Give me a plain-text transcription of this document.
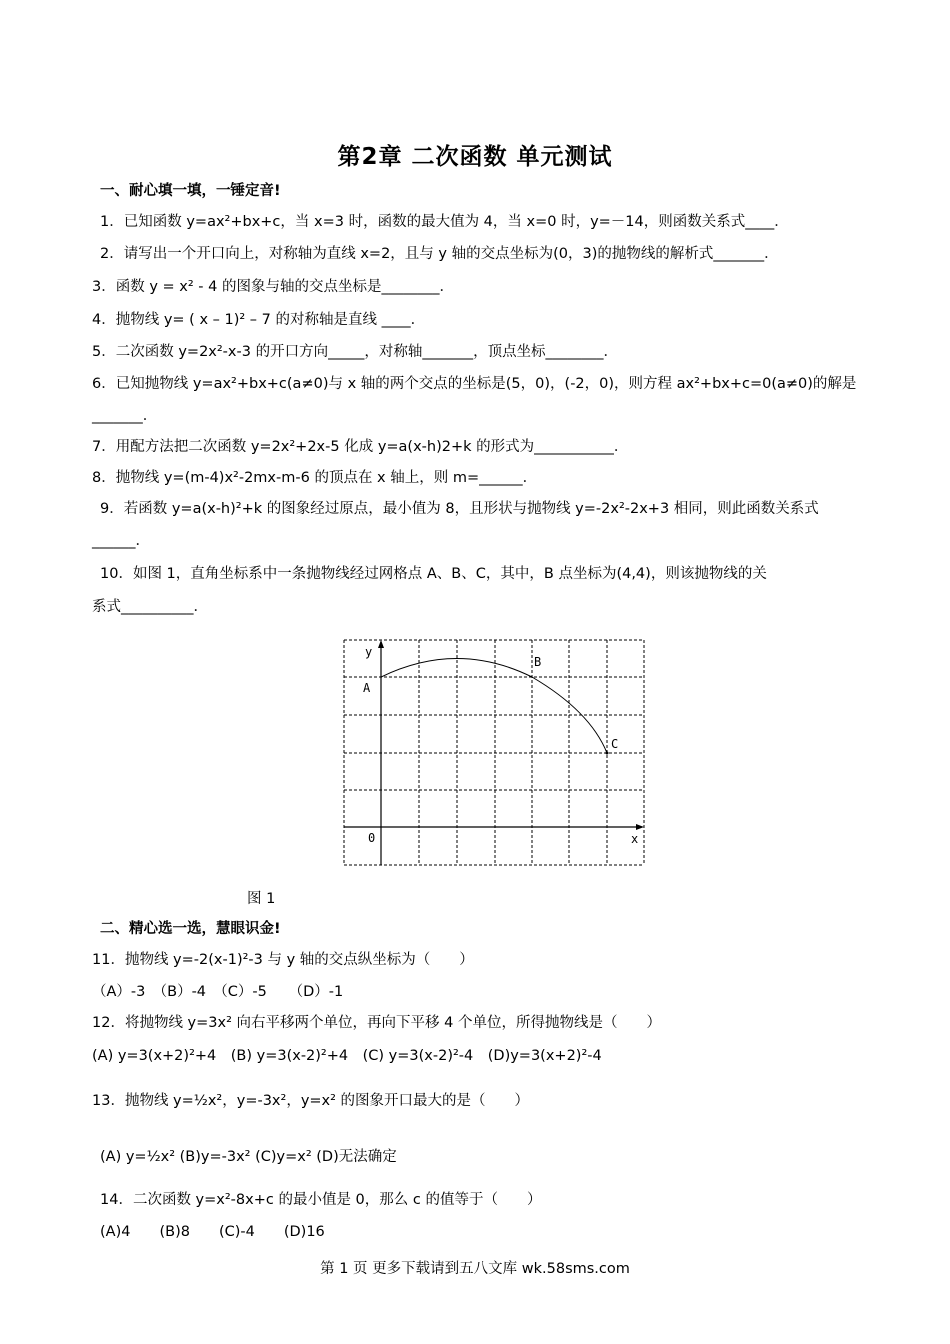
第2章 二次函数 单元测试
一、耐心填一填，一锤定音!
1．已知函数 y=ax²+bx+c，当 x=3 时，函数的最大值为 4，当 x=0 时，y=－14，则函数关系式____．
2．请写出一个开口向上，对称轴为直线 x=2，且与 y 轴的交点坐标为(0，3)的抛物线的解析式_______．
3．函数 y = x² - 4 的图象与轴的交点坐标是________．
4．抛物线 y= ( x – 1)² – 7 的对称轴是直线 ____．
5．二次函数 y=2x²-x-3 的开口方向_____，对称轴_______，顶点坐标________．
6．已知抛物线 y=ax²+bx+c(a≠0)与 x 轴的两个交点的坐标是(5，0)，(-2，0)，则方程 ax²+bx+c=0(a≠0)的解是
_______．
7．用配方法把二次函数 y=2x²+2x-5 化成 y=a(x-h)2+k 的形式为___________．
8．抛物线 y=(m-4)x²-2mx-m-6 的顶点在 x 轴上，则 m=______．
9．若函数 y=a(x-h)²+k 的图象经过原点，最小值为 8，且形状与抛物线 y=-2x²-2x+3 相同，则此函数关系式
______．
10．如图 1，直角坐标系中一条抛物线经过网格点 A、B、C，其中，B 点坐标为(4,4)，则该抛物线的关
系式__________．
y
x
0
A
B
C
图 1
二、精心选一选，慧眼识金!
11．抛物线 y=-2(x-1)²-3 与 y 轴的交点纵坐标为（　　）
（A）-3　（B）-4　（C）-5　　（D）-1
12．将抛物线 y=3x² 向右平移两个单位，再向下平移 4 个单位，所得抛物线是（　　）
(A) y=3(x+2)²+4　(B) y=3(x-2)²+4　(C) y=3(x-2)²-4　(D)y=3(x+2)²-4
13．抛物线 y=½x²，y=-3x²，y=x² 的图象开口最大的是（　　）
(A) y=½x² (B)y=-3x² (C)y=x² (D)无法确定
14．二次函数 y=x²-8x+c 的最小值是 0，那么 c 的值等于（　　）
(A)4　　(B)8　　(C)-4　　(D)16
第 1 页 更多下载请到五八文库 wk.58sms.com
